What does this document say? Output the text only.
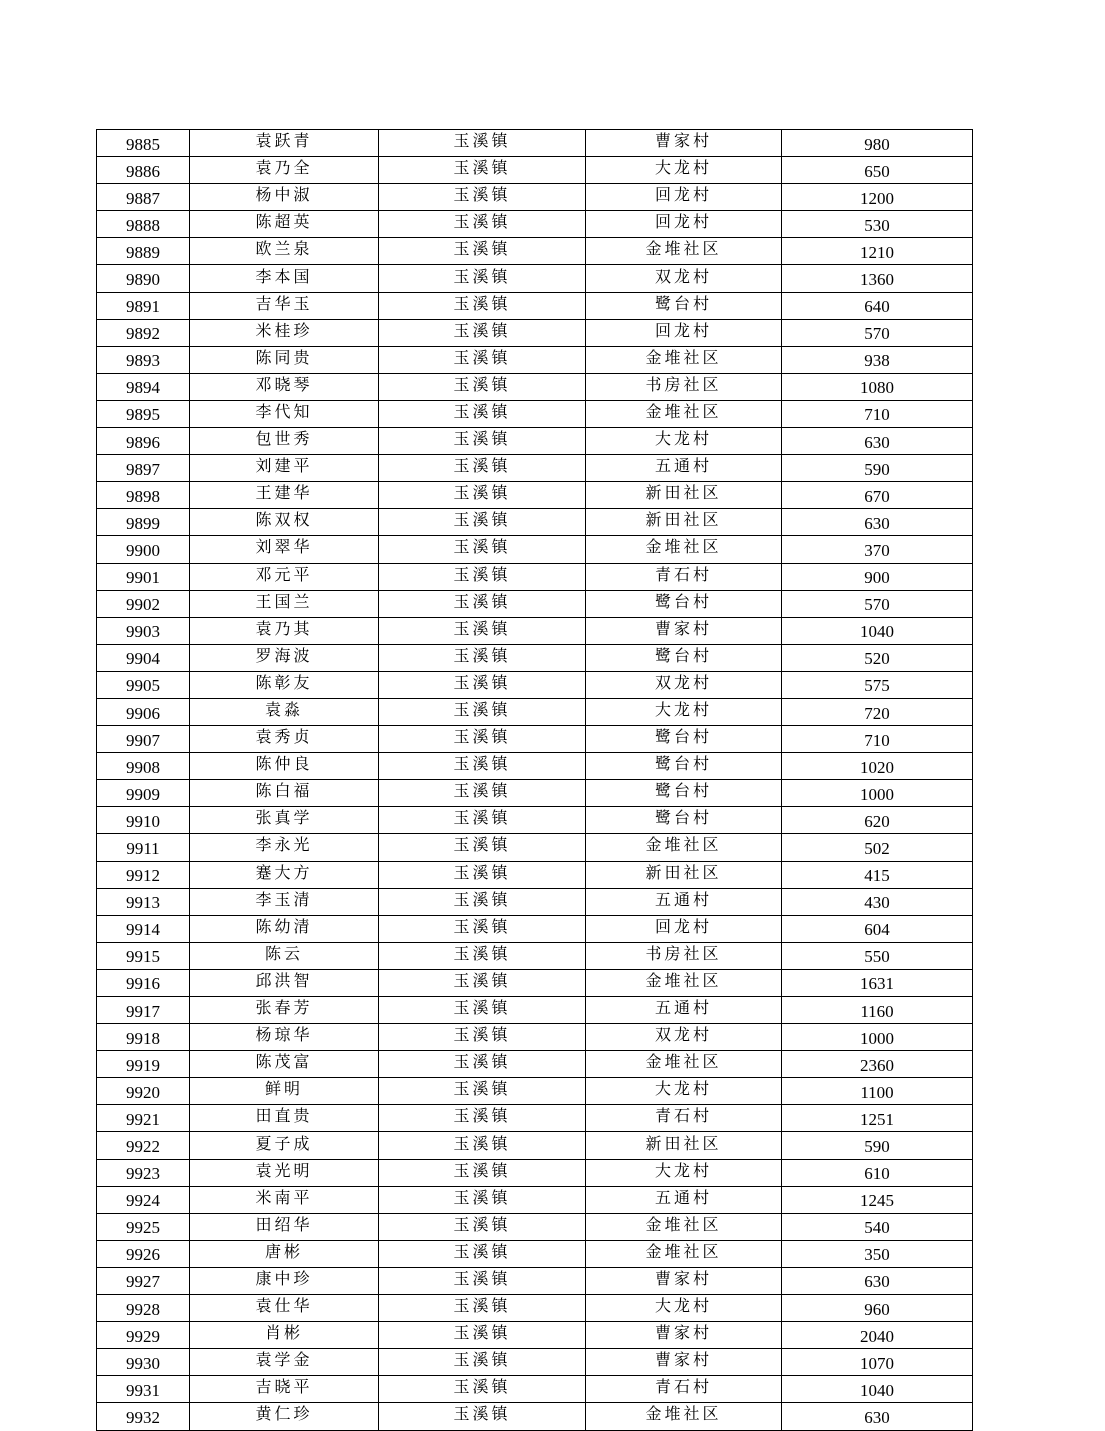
9885	袁跃青	玉溪镇	曹家村	980
9886	袁乃全	玉溪镇	大龙村	650
9887	杨中淑	玉溪镇	回龙村	1200
9888	陈超英	玉溪镇	回龙村	530
9889	欧兰泉	玉溪镇	金堆社区	1210
9890	李本国	玉溪镇	双龙村	1360
9891	吉华玉	玉溪镇	鹭台村	640
9892	米桂珍	玉溪镇	回龙村	570
9893	陈同贵	玉溪镇	金堆社区	938
9894	邓晓琴	玉溪镇	书房社区	1080
9895	李代知	玉溪镇	金堆社区	710
9896	包世秀	玉溪镇	大龙村	630
9897	刘建平	玉溪镇	五通村	590
9898	王建华	玉溪镇	新田社区	670
9899	陈双权	玉溪镇	新田社区	630
9900	刘翠华	玉溪镇	金堆社区	370
9901	邓元平	玉溪镇	青石村	900
9902	王国兰	玉溪镇	鹭台村	570
9903	袁乃其	玉溪镇	曹家村	1040
9904	罗海波	玉溪镇	鹭台村	520
9905	陈彰友	玉溪镇	双龙村	575
9906	袁淼	玉溪镇	大龙村	720
9907	袁秀贞	玉溪镇	鹭台村	710
9908	陈仲良	玉溪镇	鹭台村	1020
9909	陈白福	玉溪镇	鹭台村	1000
9910	张真学	玉溪镇	鹭台村	620
9911	李永光	玉溪镇	金堆社区	502
9912	蹇大方	玉溪镇	新田社区	415
9913	李玉清	玉溪镇	五通村	430
9914	陈幼清	玉溪镇	回龙村	604
9915	陈云	玉溪镇	书房社区	550
9916	邱洪智	玉溪镇	金堆社区	1631
9917	张春芳	玉溪镇	五通村	1160
9918	杨琼华	玉溪镇	双龙村	1000
9919	陈茂富	玉溪镇	金堆社区	2360
9920	鲜明	玉溪镇	大龙村	1100
9921	田直贵	玉溪镇	青石村	1251
9922	夏子成	玉溪镇	新田社区	590
9923	袁光明	玉溪镇	大龙村	610
9924	米南平	玉溪镇	五通村	1245
9925	田绍华	玉溪镇	金堆社区	540
9926	唐彬	玉溪镇	金堆社区	350
9927	康中珍	玉溪镇	曹家村	630
9928	袁仕华	玉溪镇	大龙村	960
9929	肖彬	玉溪镇	曹家村	2040
9930	袁学金	玉溪镇	曹家村	1070
9931	吉晓平	玉溪镇	青石村	1040
9932	黄仁珍	玉溪镇	金堆社区	630
